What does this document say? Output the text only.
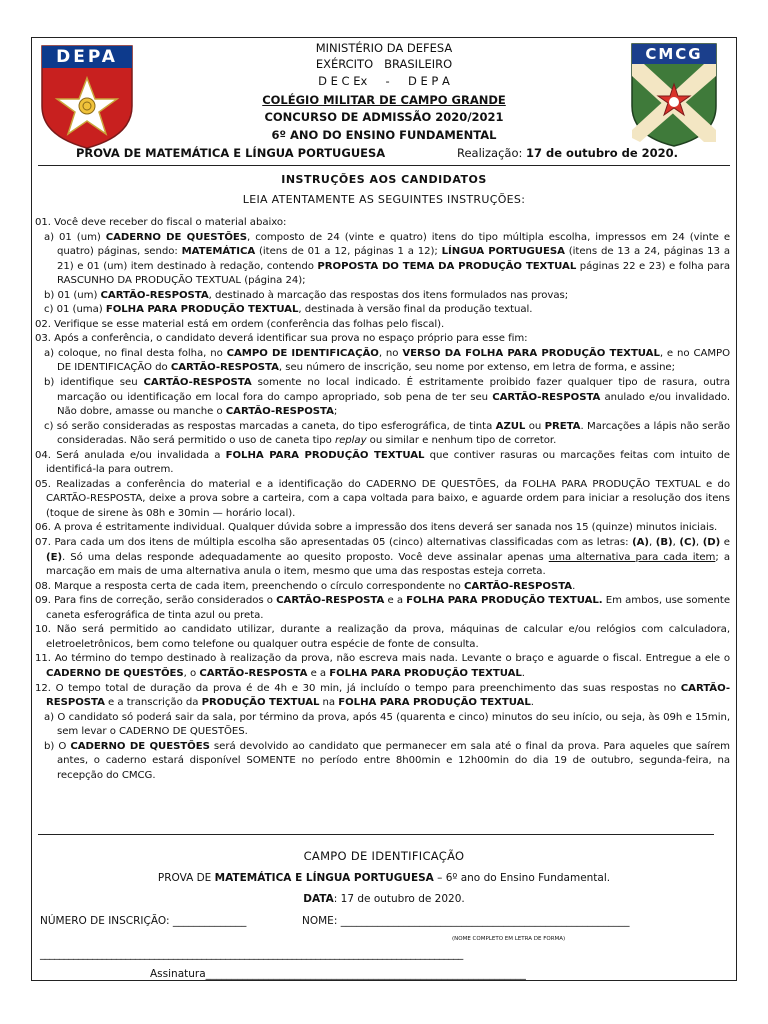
DEPA	CMCG
MINISTÉRIO DA DEFESA
EXÉRCITO   BRASILEIRO
D E C Ex     -     D E P A
COLÉGIO MILITAR DE CAMPO GRANDE
CONCURSO DE ADMISSÃO 2020/2021
6º ANO DO ENSINO FUNDAMENTAL
PROVA DE MATEMÁTICA E LÍNGUA PORTUGUESA	Realização: 17 de outubro de 2020.
INSTRUÇÕES AOS CANDIDATOS
LEIA ATENTAMENTE AS SEGUINTES INSTRUÇÕES:

01. Você deve receber do fiscal o material abaixo:

a) 01 (um) CADERNO DE QUESTÕES, composto de 24 (vinte e quatro) itens do tipo múltipla escolha, impressos em 24 (vinte e quatro) páginas, sendo: MATEMÁTICA (itens de 01 a 12, páginas 1 a 12); LÍNGUA PORTUGUESA (itens de 13 a 24, páginas 13 a 21) e 01 (um) item destinado à redação, contendo PROPOSTA DO TEMA DA PRODUÇÃO TEXTUAL páginas 22 e 23) e folha para RASCUNHO DA PRODUÇÃO TEXTUAL (página 24);

b) 01 (um) CARTÃO-RESPOSTA, destinado à marcação das respostas dos itens formulados nas provas;

c) 01 (uma) FOLHA PARA PRODUÇÃO TEXTUAL, destinada à versão final da produção textual.

02. Verifique se esse material está em ordem (conferência das folhas pelo fiscal).

03. Após a conferência, o candidato deverá identificar sua prova no espaço próprio para esse fim:

a) coloque, no final desta folha, no CAMPO DE IDENTIFICAÇÃO, no VERSO DA FOLHA PARA PRODUÇÃO TEXTUAL, e no CAMPO DE IDENTIFICAÇÃO do CARTÃO-RESPOSTA, seu número de inscrição, seu nome por extenso, em letra de forma, e assine;

b) identifique seu CARTÃO-RESPOSTA somente no local indicado. É estritamente proibido fazer qualquer tipo de rasura, outra marcação ou identificação em local fora do campo apropriado, sob pena de ter seu CARTÃO-RESPOSTA anulado e/ou invalidado. Não dobre, amasse ou manche o CARTÃO-RESPOSTA;

c) só serão consideradas as respostas marcadas a caneta, do tipo esferográfica, de tinta AZUL ou PRETA. Marcações a lápis não serão consideradas. Não será permitido o uso de caneta tipo replay ou similar e nenhum tipo de corretor.

04. Será anulada e/ou invalidada a FOLHA PARA PRODUÇÃO TEXTUAL que contiver rasuras ou marcações feitas com intuito de identificá-la para outrem.

05. Realizadas a conferência do material e a identificação do CADERNO DE QUESTÕES, da FOLHA PARA PRODUÇÃO TEXTUAL e do CARTÃO-RESPOSTA, deixe a prova sobre a carteira, com a capa voltada para baixo, e aguarde ordem para iniciar a resolução dos itens (toque de sirene às 08h e 30min — horário local).

06. A prova é estritamente individual. Qualquer dúvida sobre a impressão dos itens deverá ser sanada nos 15 (quinze) minutos iniciais.

07. Para cada um dos itens de múltipla escolha são apresentadas 05 (cinco) alternativas classificadas com as letras: (A), (B), (C), (D) e (E). Só uma delas responde adequadamente ao quesito proposto. Você deve assinalar apenas uma alternativa para cada item; a marcação em mais de uma alternativa anula o item, mesmo que uma das respostas esteja correta.

08. Marque a resposta certa de cada item, preenchendo o círculo correspondente no CARTÃO-RESPOSTA.

09. Para fins de correção, serão considerados o CARTÃO-RESPOSTA e a FOLHA PARA PRODUÇÃO TEXTUAL. Em ambos, use somente caneta esferográfica de tinta azul ou preta.

10. Não será permitido ao candidato utilizar, durante a realização da prova, máquinas de calcular e/ou relógios com calculadora, eletroeletrônicos, bem como telefone ou qualquer outra espécie de fonte de consulta.

11. Ao término do tempo destinado à realização da prova, não escreva mais nada. Levante o braço e aguarde o fiscal. Entregue a ele o CADERNO DE QUESTÕES, o CARTÃO-RESPOSTA e a FOLHA PARA PRODUÇÃO TEXTUAL.

12. O tempo total de duração da prova é de 4h e 30 min, já incluído o tempo para preenchimento das suas respostas no CARTÃO-RESPOSTA e a transcrição da PRODUÇÃO TEXTUAL na FOLHA PARA PRODUÇÃO TEXTUAL.

a) O candidato só poderá sair da sala, por término da prova, após 45 (quarenta e cinco) minutos do seu início, ou seja, às 09h e 15min, sem levar o CADERNO DE QUESTÕES.

b) O CADERNO DE QUESTÕES será devolvido ao candidato que permanecer em sala até o final da prova. Para aqueles que saírem antes, o caderno estará disponível SOMENTE no período entre 8h00min e 12h00min do dia 19 de outubro, segunda-feira, na recepção do CMCG.

CAMPO DE IDENTIFICAÇÃO
PROVA DE MATEMÁTICA E LÍNGUA PORTUGUESA – 6º ano do Ensino Fundamental.
DATA: 17 de outubro de 2020.
NÚMERO DE INSCRIÇÃO: ______________	NOME: _______________________________________________________
(NOME COMPLETO EM LETRA DE FORMA)
_________________________________________________________________________________________
Assinatura_____________________________________________________________
